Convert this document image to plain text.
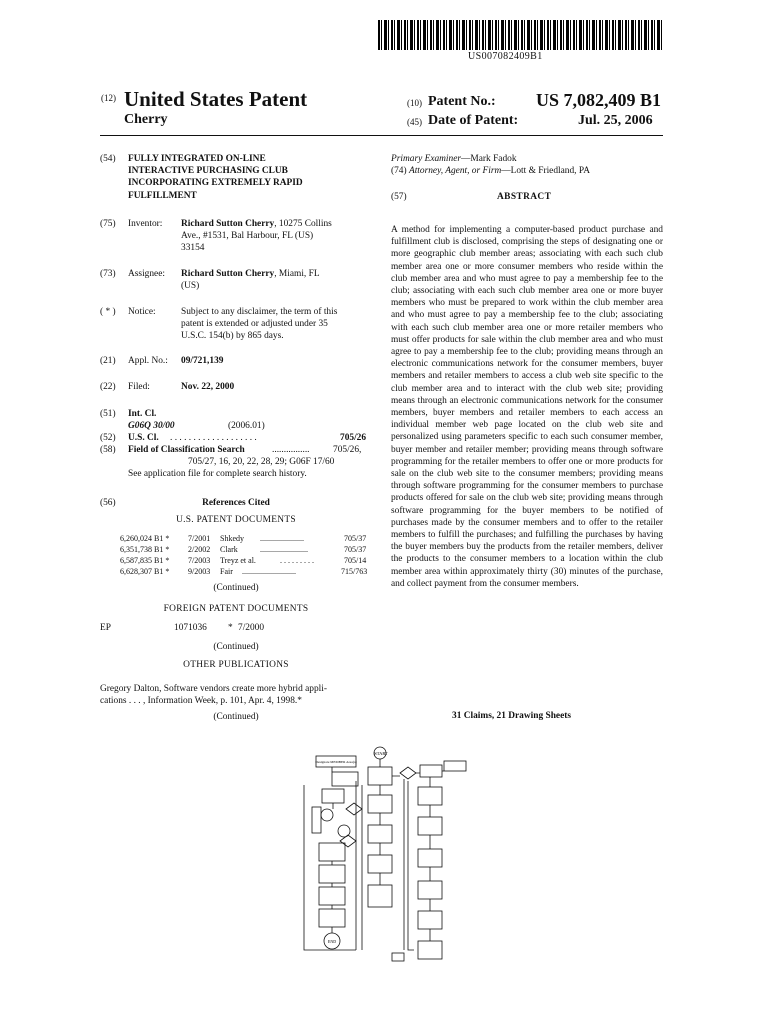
US007082409B1
(12) United States Patent
Cherry
(10) Patent No.: US 7,082,409 B1
(45) Date of Patent:	Jul. 25, 2006
(54) FULLY INTEGRATED ON-LINE
INTERACTIVE PURCHASING CLUB
INCORPORATING EXTREMELY RAPID
FULFILLMENT
(75) Inventor: Richard Sutton Cherry, 10275 Collins
Ave., #1531, Bal Harbour, FL (US)
33154
(73) Assignee: Richard Sutton Cherry, Miami, FL
(US)
( * ) Notice:	Subject to any disclaimer, the term of this
patent is extended or adjusted under 35
U.S.C. 154(b) by 865 days.
(21) Appl. No.: 09/721,139
(22) Filed:	Nov. 22, 2000
(51) Int. Cl.
G06Q 30/00	(2006.01)
(52) U.S. Cl. . . . . . . . . . . . . . . . . . . .	705/26
(58) Field of Classification Search	................	705/26,
705/27, 16, 20, 22, 28, 29; G06F 17/60
See application file for complete search history.
(56)	References Cited
U.S. PATENT DOCUMENTS
6,260,024 B1 * 7/2001 Shkedy ......................	705/37
6,351,738 B1 * 2/2002 Clark	........................	705/37
6,587,835 B1 * 7/2003 Treyz et al.	. . . . . . . . .	705/14
6,628,307 B1 * 9/2003 Fair ...........................	715/763
(Continued)
FOREIGN PATENT DOCUMENTS
EP	1071036 * 7/2000
(Continued)
OTHER PUBLICATIONS
Gregory Dalton, Software vendors create more hybrid appli-
cations . . . , Information Week, p. 101, Apr. 4, 1998.*
(Continued)
Primary Examiner—Mark Fadok
(74) Attorney, Agent, or Firm—Lott & Friedland, PA
(57)	ABSTRACT
A method for implementing a computer-based product purchase and fulfillment club is disclosed, comprising the steps of designating one or more geographic club member areas; associating with each such club member area one or more consumer members who reside within the club member area and who must agree to pay a membership fee to the club; associating with each such club member area one or more buyer members who must be prepared to work within the club member area and who must agree to pay a membership fee to the club; associating with each such club member area one or more retailer members who must offer products for sale within the club member area and who must agree to pay a membership fee to the club; providing means through an electronic communications network for the consumer members, buyer members and retailer members to access a club web site specific to the club member area and to interact with the club web site; providing means through an electronic communications network for the consumer members, buyer members and retailer members to each access an individual member web page located on the club web site and personalized using parameters specific to each such consumer member, buyer member and retailer member; providing means through software programming for the retailer members to offer one or more products for sale on the club web site to the consumer members; providing means through software programming for the consumer members to purchase products offered for sale on the club web site; providing means through software programming for the buyer members to be notified of purchases made by the consumer members and to offer to the retailer members to fulfill the purchases; and fulfilling the purchases by having the buyer members buy the products from the retailer members, deliver the products to the consumer members to a location within the club member area within approximately thirty (30) minutes of the purchase, and collect payment from the consumer members.
31 Claims, 21 Drawing Sheets
START
Designate MEMBER Area(s)
END
